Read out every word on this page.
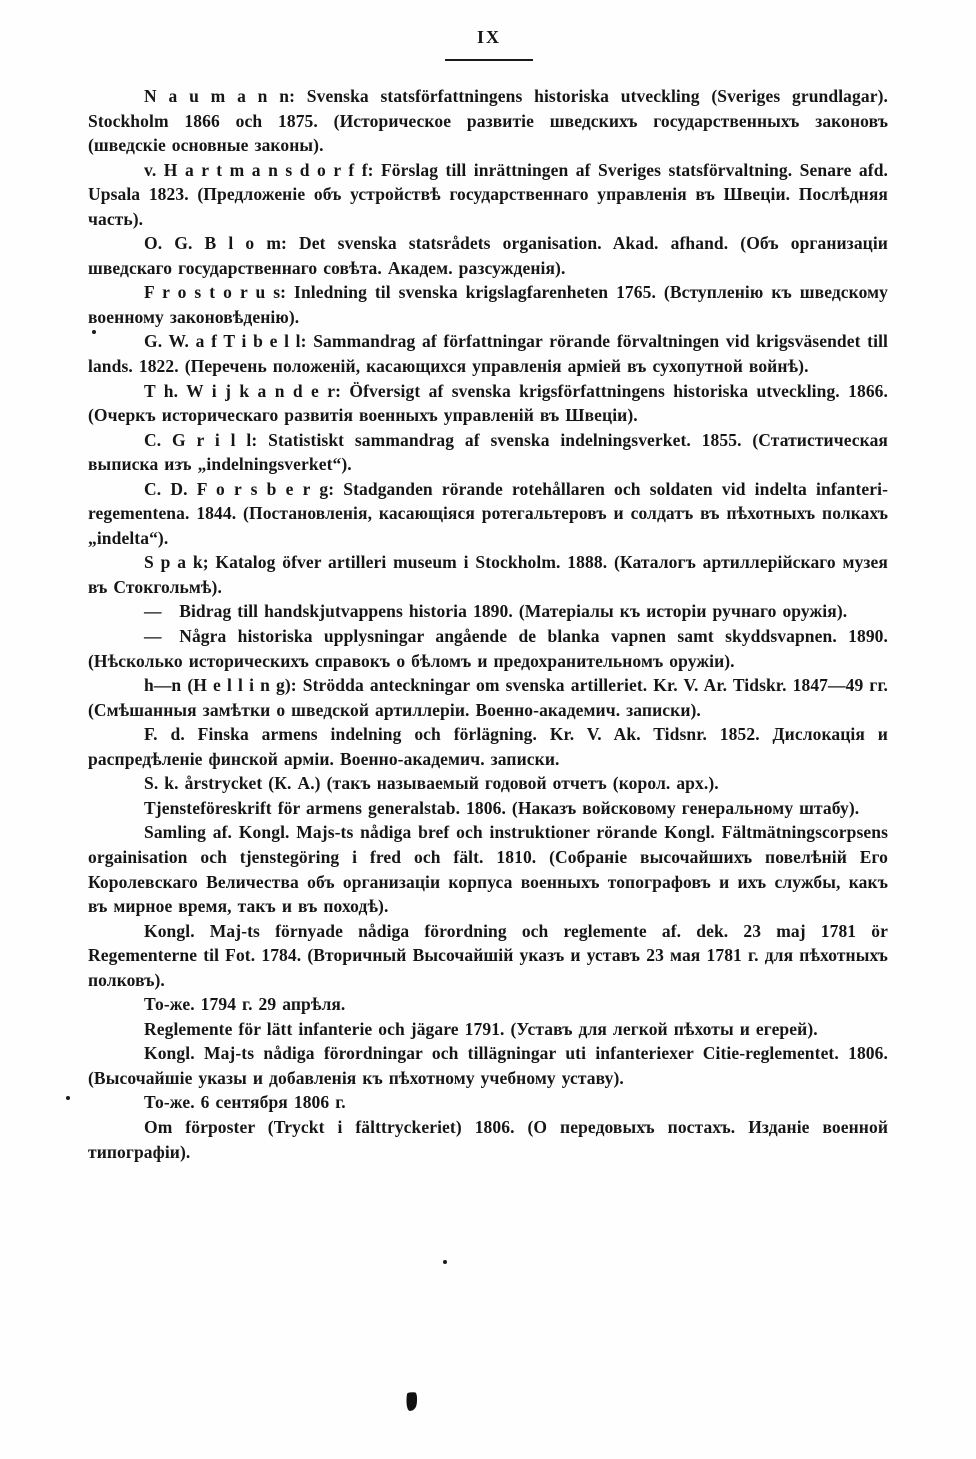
IX

N a u m a n n: Svenska statsförfattningens historiska utveckling (Sveriges grundlagar). Stockholm 1866 och 1875. (Историческое развитіе шведскихъ государственныхъ законовъ (шведскіе основные законы).

v. H a r t m a n s d o r f f: Förslag till inrättningen af Sveriges statsförvaltning. Senare afd. Upsala 1823. (Предложеніе объ устройствѣ государственнаго управленія въ Швеціи. Послѣдняя часть).

O. G. B l o m: Det svenska statsrådets organisation. Akad. afhand. (Объ организаціи шведскаго государственнаго совѣта. Академ. разсужденія).

F r o s t o r u s: Inledning til svenska krigslagfarenheten 1765. (Вступленію къ шведскому военному законовѣденію).

G. W. a f T i b e l l: Sammandrag af författningar rörande förvaltningen vid krigsväsendet till lands. 1822. (Перечень положеній, касающихся управленія арміей въ сухопутной войнѣ).

T h. W i j k a n d e r: Öfversigt af svenska krigsförfattningens historiska utveckling. 1866. (Очеркъ историческаго развитія военныхъ управленій въ Швеціи).

C. G r i l l: Statistiskt sammandrag af svenska indelningsverket. 1855. (Статистическая выписка изъ „indelningsverket“).

C. D. F o r s b e r g: Stadganden rörande rotehållaren och soldaten vid indelta infanteri-regementena. 1844. (Постановленія, касающіяся ротегальтеровъ и солдатъ въ пѣхотныхъ полкахъ „indelta“).

S p a k; Katalog öfver artilleri museum i Stockholm. 1888. (Каталогъ артиллерійскаго музея въ Стокгольмѣ).

— Bidrag till handskjutvappens historia 1890. (Матеріалы къ исторіи ручнаго оружія).

— Några historiska upplysningar angående de blanka vapnen samt skyddsvapnen. 1890. (Нѣсколько историческихъ справокъ о бѣломъ и предохранительномъ оружіи).

h—n (H e l l i n g): Strödda anteckningar om svenska artilleriet. Kr. V. Ar. Tidskr. 1847—49 гг. (Смѣшанныя замѣтки о шведской артиллеріи. Военно-академич. записки).

F. d. Finska armens indelning och förlägning. Kr. V. Ak. Tidsnr. 1852. Дислокація и распредѣленіе финской арміи. Военно-академич. записки.

S. k. årstrycket (К. А.) (такъ называемый годовой отчетъ (корол. арх.).

Tjensteföreskrift för armens generalstab. 1806. (Наказъ войсковому генеральному штабу).

Samling af. Kongl. Majs-ts nådiga bref och instruktioner rörande Kongl. Fältmätningscorpsens orgainisation och tjenstegöring i fred och fält. 1810. (Собраніе высочайшихъ повелѣній Его Королевскаго Величества объ организаціи корпуса военныхъ топографовъ и ихъ службы, какъ въ мирное время, такъ и въ походѣ).

Kongl. Maj-ts förnyade nådiga förordning och reglemente af. dek. 23 maj 1781 ör Regementerne til Fot. 1784. (Вторичный Высочайшій указъ и уставъ 23 мая 1781 г. для пѣхотныхъ полковъ).

То-же. 1794 г. 29 апрѣля.

Reglemente för lätt infanterie och jägare 1791. (Уставъ для легкой пѣхоты и егерей).

Kongl. Maj-ts nådiga förordningar och tillägningar uti infanteriexer Citie-reglementet. 1806. (Высочайшіе указы и добавленія къ пѣхотному учебному уставу).

То-же. 6 сентября 1806 г.

Om förposter (Tryckt i fälttryckeriet) 1806. (О передовыхъ постахъ. Изданіе военной типографіи).
